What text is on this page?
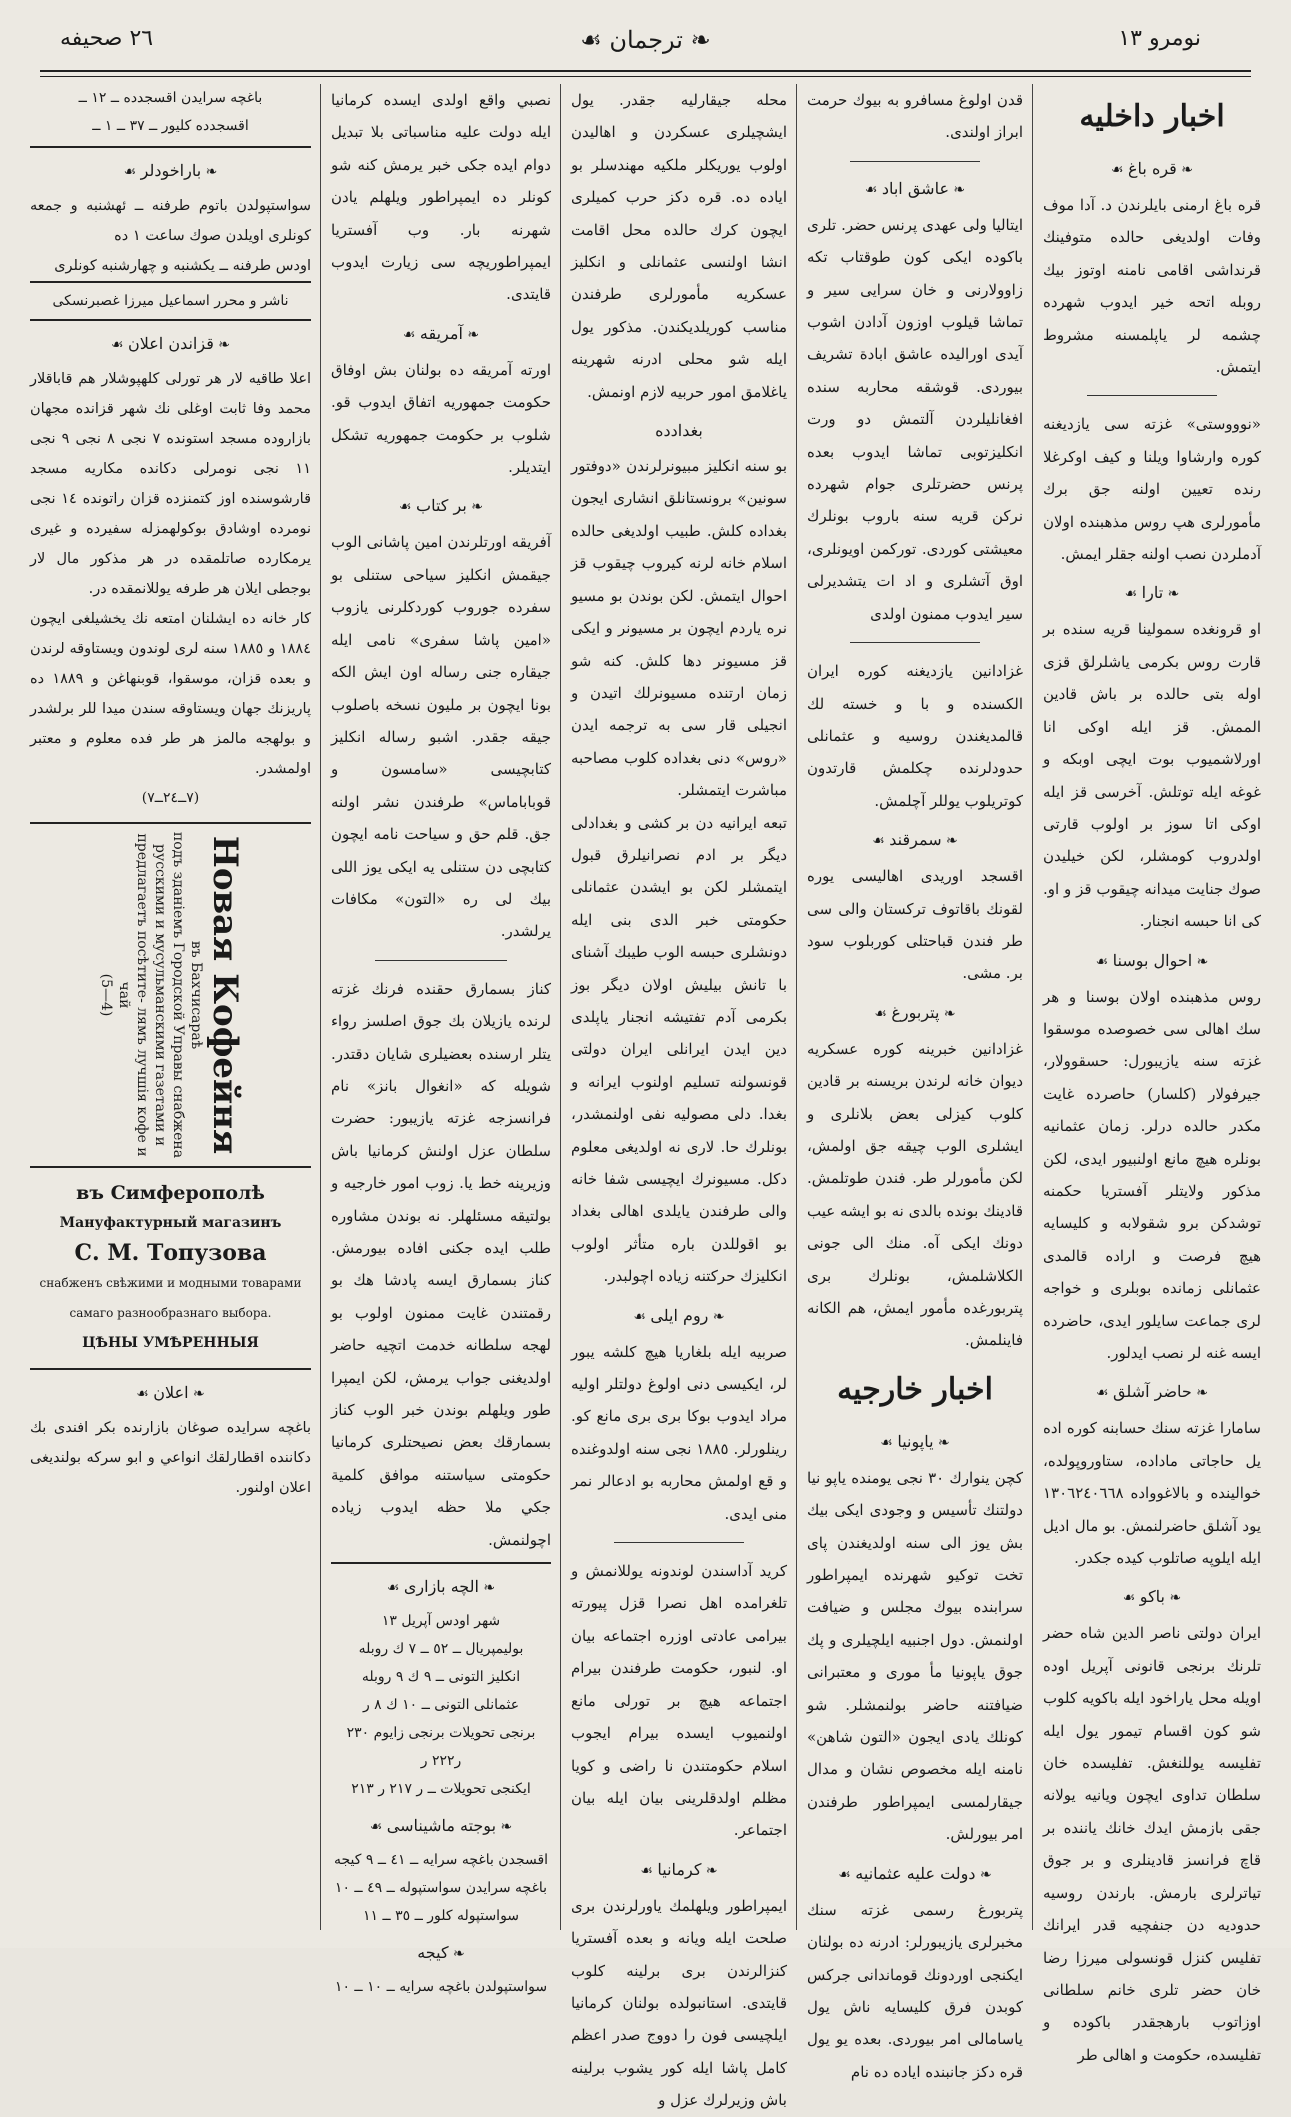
٢٦ صحيفه	❧ ترجمان ☙	نومرو ١٣
اخبار داخليه
❧ قره باغ ☙

قره باغ ارمنی بایلرندن د. آدا موف وفات اولدیغی حالده متوفينك قرنداشی اقامی نامنه اوتوز بيك روبله اتحه خیر ایدوب شهرده چشمه لر یاپلمسنه مشروط ایتمش.

«نوووستی» غزته سی یازدیغنه کوره وارشاوا ویلنا و کیف اوکرغلا رنده تعيين اولنه جق برك مأمورلری هپ روس مذهبنده اولان آدملردن نصب اولنه جقلر ایمش.

❧ تارا ☙

او قرونغده سمولینا قریه سنده بر قارت روس بکرمی یاشلرلق قزی اوله بتی حالده بر باش قادین الممش. قز ایله اوکی انا اورلاشمیوب بوت ایچی اوبکه و غوغه ایله توتلش. آخرسی قز ایله اوکی اتا سوز بر اولوب قارتی اولدروب کومشلر، لکن خیلیدن صوك جنايت میدانه چیقوب قز و او. کی انا حبسه انجنار.

❧ احوال بوسنا ☙

روس مذهبنده اولان بوسنا و هر سك اهالی سی خصوصده موسقوا غزته سنه یازیبورل: حسقوولار، جيرفولار (کلسار) حاصرده غایت مکدر حالده درلر. زمان عثمانیه بونلره هیچ مانع اولنبیور ایدی، لکن مذکور ولایتلر آفستریا حکمنه توشدکن برو شقولابه و کلیسایه هیچ فرصت و اراده قالمدی عثمانلی زمانده بوبلری و خواجه لری جماعت سایلور ایدی، حاضرده ایسه غنه لر نصب ایدلور.

❧ حاضر آشلق ☙

سامارا غزته سنك حسابنه کوره اده یل حاجاتی ماداده، ستاوروپولده، خوالینده و بالاغوواده ١٣٠٦٢٤٠٦٦٨ یود آشلق حاضرلنمش. بو مال ادیل ایله ایلوپه صاتلوب کیده جکدر.

❧ باکو ☙

ایران دولتی ناصر الدین شاه حضر تلرنك برنجی قانونی آپریل اوده اویله محل یاراخود ایله باکویه کلوب شو کون اقسام تیمور یول ایله تفلیسه یوللنغش. تفلیسده خان سلطان تداوی ایچون ویانیه یولانه جقی بازمش ایدك خانك یاننده بر قاچ فرانسز قادینلری و بر جوق تیاترلری بارمش. بارندن روسیه حدودیه دن جنفچیه قدر ایرانك تفلیس كنزل قونسولی ميرزا رضا خان حضر تلری خانم سلطانی اوزاتوب بارهجقدر باکوده و تفلیسده، حکومت و اهالی طر

قدن اولوغ مسافرو به بیوك حرمت ابراز اولندی.

❧ عاشق اباد ☙

ایتالیا ولی عهدی پرنس حضر. تلری باکوده ایکی کون طوقتاب تکه زاوولارنی و خان سرایی سیر و تماشا قيلوب اوزون آدادن اشوب آیدی اورالیده عاشق ابادة تشریف بیوردی. قوشقه محاربه سنده افغانلیلردن آلتمش دو ورت انکلیزتوبی تماشا ایدوب بعده پرنس حضرتلری جوام شهرده نركن قريه سنه باروب بونلرك معیشتی کوردی. تورکمن اویونلری، اوق آتشلری و اد ات یتشدیرلی سیر ایدوب ممنون اولدی

غزادانين یازدیغنه کوره ایران الکسنده و با و خسته لك قالمدیغندن روسيه و عثمانلی حدودلرنده چکلمش قارتدون کوتریلوب یوللر آچلمش.

❧ سمرقند ☙

اقسجد اوریدی اهالیسی يوره لقونك باقاتوف تركستان والی سی طر فندن قباحتلی کوربلوب سود بر. مشى.

❧ پتربورغ ☙

غزادانين خبرینه کوره عسکریه ديوان خانه لرندن بریسنه بر قادین کلوب کیزلی بعض بلانلری و ایشلری الوب چیقه جق اولمش، لکن مأمورلر طر. فندن طوتلمش. قادینك بونده بالدی نه بو ایشه عیب دونك ایکی آه. منك الی جونی الکلاشلمش، بونلرك بری پتربورغده مأمور ایمش، هم الکانه فاینلمش.

اخبار خارجيه
❧ یاپونیا ☙

کچن ینوارك ٣٠ نجی یومنده یاپو نیا دولتنك تأسیس و وجودی ایکی بيك بش يوز الی سنه اولدیغندن پای تخت توکیو شهرنده ایمپراطور سرابنده بيوك مجلس و ضيافت اولنمش. دول اجنبیه ایلچیلری و پك جوق یاپونیا مأ موری و معتبرانی ضیافتنه حاضر بولنمشلر. شو کونلك يادی ايجون «التون شاهن» نامنه ایله مخصوص نشان و مدال جیقارلمسی ایمپراطور طرفندن امر بیورلش.

❧ دولت علیه عثمانيه ☙

پتربورغ رسمی غزته سنك مخبرلری یازیبورلر: ادرنه ده بولنان ایکنجی اوردونك قوماندانی جرکس کوبدن فرق کلیسایه ناش یول یاسامالی امر بیوردی. بعده یو یول قره دکز جانبنده ایاده ده نام

محله جیقارلیه جقدر. یول ایشچیلری عسکردن و اهالیدن اولوب یوریکلر ملکیه مهندسلر بو ایاده ده. قره دکز حرب کمیلری ایچون كرك حالده محل اقامت انشا اولنسی عثمانلی و انکلیز عسکریه مأمورلری طرفندن مناسب کوریلدیکندن. مذکور یول ایله شو محلی ادرنه شهرینه یاغلامق امور حربیه لازم اونمش.

بغدادده

بو سنه انکلیز مبیونرلرندن «دوفتور سونین» برونستانلق انشاری ایجون بغداده کلش. طبیب اولدیغی حالده اسلام خانه لرنه کیروب چیقوب قز احوال ایتمش. لکن بوندن بو مسیو نره یاردم ایچون بر مسیونر و ایکی قز مسیونر دها کلش. کنه شو زمان ارتنده مسیونرلك اتیدن و انجیلی قار سی به ترجمه ایدن «روس» دنی بغداده کلوب مصاحبه مباشرت ایتمشلر.

تبعه ایرانیه دن بر کشی و بغدادلی دیگر بر ادم نصرانیلرق قبول ایتمشلر لکن بو ایشدن عثمانلی حکومتی خبر الدی بنی ايله دونشلری حبسه الوب طیبك آشنای با تانش بیلیش اولان دیگر بوز بکرمی آدم تفتیشه انجنار یاپلدی دین ایدن ایرانلی ایران دولتی قونسولنه تسليم اولنوب ایرانه و بغدا. دلی مصولیه نفی اولنمشدر، بونلرك حا. لاری نه اولدیغی معلوم دکل. مسیونرك ایچیسی شفا خانه والی طرفندن یایلدی اهالی بغداد بو اقوللدن باره متأثر اولوب انکلیزك حرکتنه زیاده اچولبدر.

❧ روم ایلی ☙

صربیه ایله بلغاریا هیچ کلشه یبور لر، ایکیسی دنی اولوغ دولتلر اولیه مراد ایدوب بوکا بری بری مانع کو. رینلورلر. ١٨٨٥ نجی سنه اولدوغنده و قع اولمش محاربه بو ادعالر نمر منی ایدی.

کرید آداسندن لوندونه یوللانمش و تلغرامده اهل نصرا قزل پیورته بیرامی عادتی اوزره اجتماعه بیان او. لنبور، حکومت طرفندن بیرام اجتماعه هیچ بر تورلی مانع اولنمیوب ایسده بیرام ایجوب اسلام حکومتندن نا راضی و كويا مظلم اولدقلرینی بیان ایله بیان اجتماعر.

❧ کرمانیا ☙

ایمپراطور ویلهلمك یاورلرندن بری صلحت ایله ویانه و بعده آفستریا کنزالرندن بری برلینه کلوب قایتدی. استانبولده بولنان کرمانیا ایلچیسی فون را دووج صدر اعظم کامل پاشا ايله كور یشوب برلینه باش وزیرلرك عزل و

نصبي واقع اولدی ایسده کرمانیا ايله دولت عليه مناسباتی بلا تبدیل دوام ایده جکی خبر یرمش کنه شو کونلر ده ایمپراطور ویلهلم یادن شهرنه بار. وب آفستریا ایمپراطوریچه سی زیارت ایدوب قایتدی.

❧ آمریقه ☙

اورته آمریقه ده بولنان بش اوفاق حکومت جمهوریه اتفاق ایدوب قو. شلوب بر حکومت جمهوریه تشکل ایتدیلر.

❧ بر کتاب ☙

آفریقه اورتلرندن امين پاشانی الوب جیقمش انکلیز سیاحی ستنلی بو سفرده جوروب کوردکلرنی یازوب «امین پاشا سفری» نامی ایله جیقاره جنی رساله اون ایش الکه بونا ایچون بر ملیون نسخه باصلوب جیقه جقدر. اشبو رساله انکلیز کتابچیسی «سامسون و قوباباماس» طرفندن نشر اولنه جق. قلم حق و سیاحت نامه ایچون کتابچی دن ستنلی یه ایکی یوز اللی بيك لی ره «التون» مکافات یرلشدر.

کناز بسمارق حقنده فرنك غزته لرنده یازیلان بك جوق اصلسز رواء یتلر ارسنده بعضیلری شایان دقتدر. شویله که «انغوال بانز» نام فرانسزجه غزته یازیبور: حضرت سلطان عزل اولنش کرمانیا باش وزیرینه خط يا. زوب امور خارجیه و بولتیقه مسئلهلر. نه بوندن مشاوره طلب ايده جکنی افاده بیورمش. کناز بسمارق ايسه پادشا هك بو رقمتندن غایت ممنون اولوب بو لهجه سلطانه خدمت اتچیه حاضر اولدیغنی جواب یرمش، لکن ایمپرا طور ويلهلم بوندن خبر الوب كناز بسمارقك بعض نصیحتلری کرمانیا حکومتی سیاستنه موافق كلمية جكي ملا حظه ایدوب زیاده اچولنمش.

❧ الچه بازاری ☙
شهر اودس آپریل ١٣
بولیمپریال ــ ٥٢ ــ ٧ ك روبله
انکلیز التونی ــ ٩ ك ٩ روبله
عثمانلی التونی ــ ١٠ ك ٨ ر
برنجی تحویلات برنجی زایوم ٢٣٠ ر٢٢٢ ر
ایکنجی تحویلات ــ ر ٢١٧ ر ٢١٣
❧ بوجته ماشیناسی ☙
اقسجدن باغچه سرایه ــ ٤١ ــ ٩ كیجه
باغچه سرایدن سواستپوله ــ ٤٩ ــ ١٠
سواستپوله کلور ــ ٣٥ ــ ١١
❧ كیجه
سواستپولدن باغچه سرایه ــ ١٠ ــ ١٠
باغچه سرایدن اقسجدده ــ ١٢ ــ
اقسجدده کلیور ــ ٣٧ ــ ١ ــ
❧ باراخودلر ☙

سواستپولدن باتوم طرفنه ــ ئهشنبه و جمعه کونلری اویلدن صوك ساعت ١ ده

اودس طرفنه ــ یکشنبه و چهارشنبه کونلری

ناشر و محرر اسماعیل میرزا غصبرنسکی
❧ قزاندن اعلان ☙

اعلا طاقیه لار هر تورلی کلهپوشلار هم قاباقلار محمد وفا ثابت اوغلی نك شهر قزانده مجهان بازاروده مسجد استونده ٧ نجی ٨ نجی ٩ نجی ١١ نجی نومرلی دکانده مکاریه مسجد قارشوسنده اوز کتمنزده قزان راتونده ١٤ نجی نومرده اوشادق بوکولهمزله سفیرده و غیری یرمکارده صاتلمقده در هر مذکور مال لار بوجطی ايلان هر طرفه یوللانمقده در.

کار خانه ده ایشلنان امتعه نك یخشیلغی ایچون ١٨٨٤ و ١٨٨٥ سنه لری لوندون ويستاوقه لرندن و بعده قزان، موسقوا، قوبنهاغن و ١٨٨٩ ده پاریزنك جهان ويستاوقه سندن میدا للر برلشدر و بولهجه مالمز هر طر فده معلوم و معتبر اولمشدر.

(٧ــ٢٤ــ٧)
Новая Кофейня
въ Бахчисараѣ
подъ зданіемъ Городской Управы снабжена русскими и мусульманскими газетами и предлагаетъ посѣтите- лямъ лучшія кофе и чай
(5—4)
въ Симферополѣ
Мануфактурный магазинъ
С. М. Топузова
снабженъ свѣжими и модными товарами самаго разнообразнаго выбора.
ЦѢНЫ УМѢРЕННЫЯ
❧ اعلان ☙

باغچه سرایده صوغان بازارنده بكر افندى بك دكاننده اقطارلقك انواعي و ابو سركه بولندیغی اعلان اولنور.
